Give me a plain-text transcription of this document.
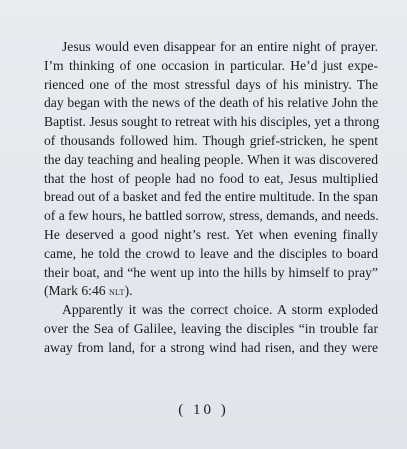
Jesus would even disappear for an entire night of prayer.
I’m thinking of one occasion in particular. He’d just expe-
rienced one of the most stressful days of his ministry. The
day began with the news of the death of his relative John the
Baptist. Jesus sought to retreat with his disciples, yet a throng
of thousands followed him. Though grief-stricken, he spent
the day teaching and healing people. When it was discovered
that the host of people had no food to eat, Jesus multiplied
bread out of a basket and fed the entire multitude. In the span
of a few hours, he battled sorrow, stress, demands, and needs.
He deserved a good night’s rest. Yet when evening finally
came, he told the crowd to leave and the disciples to board
their boat, and “he went up into the hills by himself to pray”
(Mark 6:46 nlt).
Apparently it was the correct choice. A storm exploded
over the Sea of Galilee, leaving the disciples “in trouble far
away from land, for a strong wind had risen, and they were
( 10 )
